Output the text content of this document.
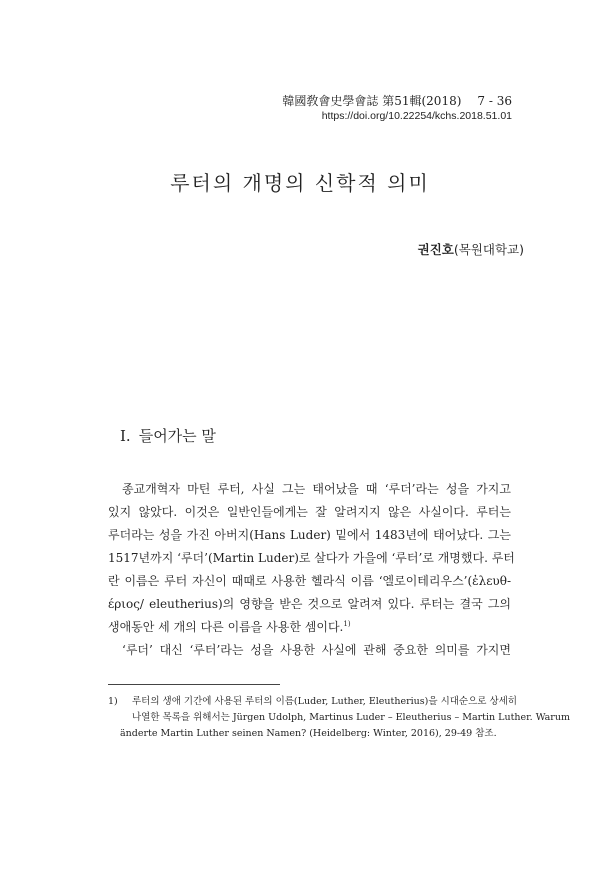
韓國敎會史學會誌 第51輯(2018) 7 - 36
https://doi.org/10.22254/kchs.2018.51.01
루터의 개명의 신학적 의미
권진호(목원대학교)
I. 들어가는 말
종교개혁자 마틴 루터, 사실 그는 태어났을 때 ‘루더’라는 성을 가지고
있지 않았다. 이것은 일반인들에게는 잘 알려지지 않은 사실이다. 루터는
루더라는 성을 가진 아버지(Hans Luder) 밑에서 1483년에 태어났다. 그는
1517년까지 ‘루더’(Martin Luder)로 살다가 가을에 ‘루터’로 개명했다. 루터
란 이름은 루터 자신이 때때로 사용한 헬라식 이름 ‘엘로이테리우스’(ἐλευθ-
έριος/ eleutherius)의 영향을 받은 것으로 알려져 있다. 루터는 결국 그의
생애동안 세 개의 다른 이름을 사용한 셈이다.$^{1)}$
‘루더’ 대신 ‘루터’라는 성을 사용한 사실에 관해 중요한 의미를 가지면
1) 루터의 생애 기간에 사용된 루터의 이름(Luder, Luther, Eleutherius)을 시대순으로 상세히
나열한 목록을 위해서는 Jürgen Udolph, Martinus Luder – Eleutherius – Martin Luther. Warum
änderte Martin Luther seinen Namen? (Heidelberg: Winter, 2016), 29-49 참조.
